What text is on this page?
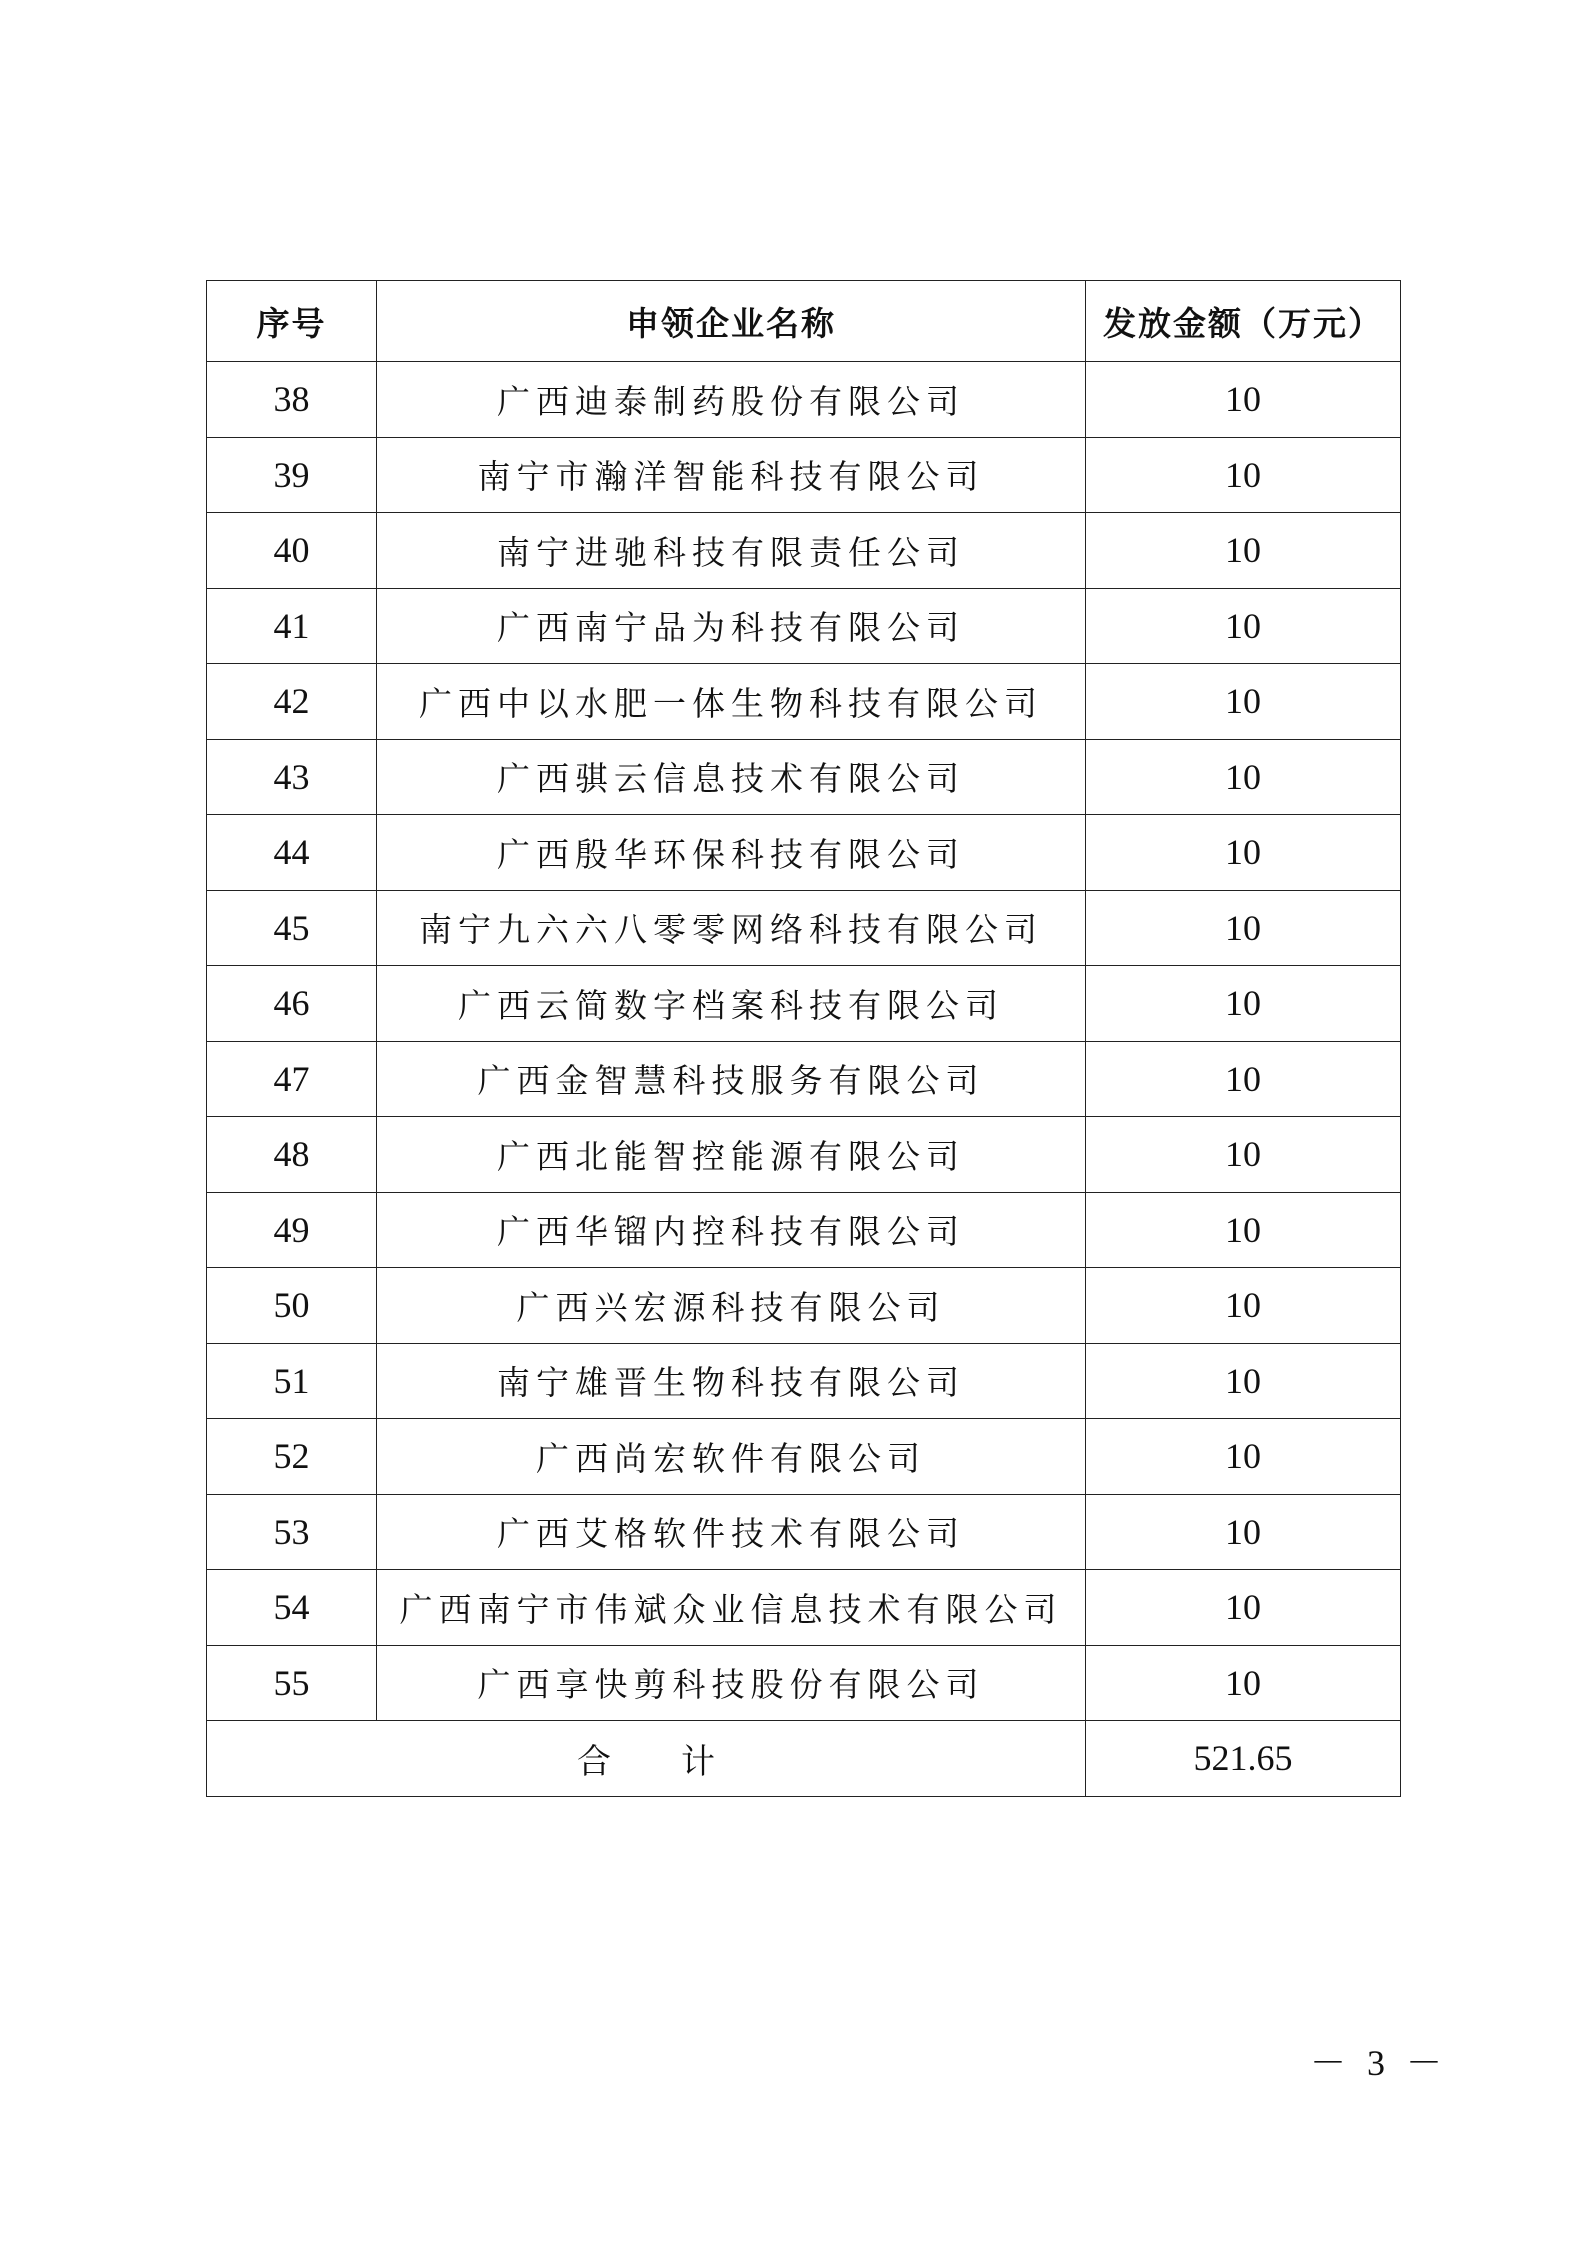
序号	申领企业名称	发放金额（万元）
38	广西迪泰制药股份有限公司	10
39	南宁市瀚洋智能科技有限公司	10
40	南宁进驰科技有限责任公司	10
41	广西南宁品为科技有限公司	10
42	广西中以水肥一体生物科技有限公司	10
43	广西骐云信息技术有限公司	10
44	广西殷华环保科技有限公司	10
45	南宁九六六八零零网络科技有限公司	10
46	广西云简数字档案科技有限公司	10
47	广西金智慧科技服务有限公司	10
48	广西北能智控能源有限公司	10
49	广西华镏内控科技有限公司	10
50	广西兴宏源科技有限公司	10
51	南宁雄晋生物科技有限公司	10
52	广西尚宏软件有限公司	10
53	广西艾格软件技术有限公司	10
54	广西南宁市伟斌众业信息技术有限公司	10
55	广西享快剪科技股份有限公司	10
合 计		521.65
－ 3 －
